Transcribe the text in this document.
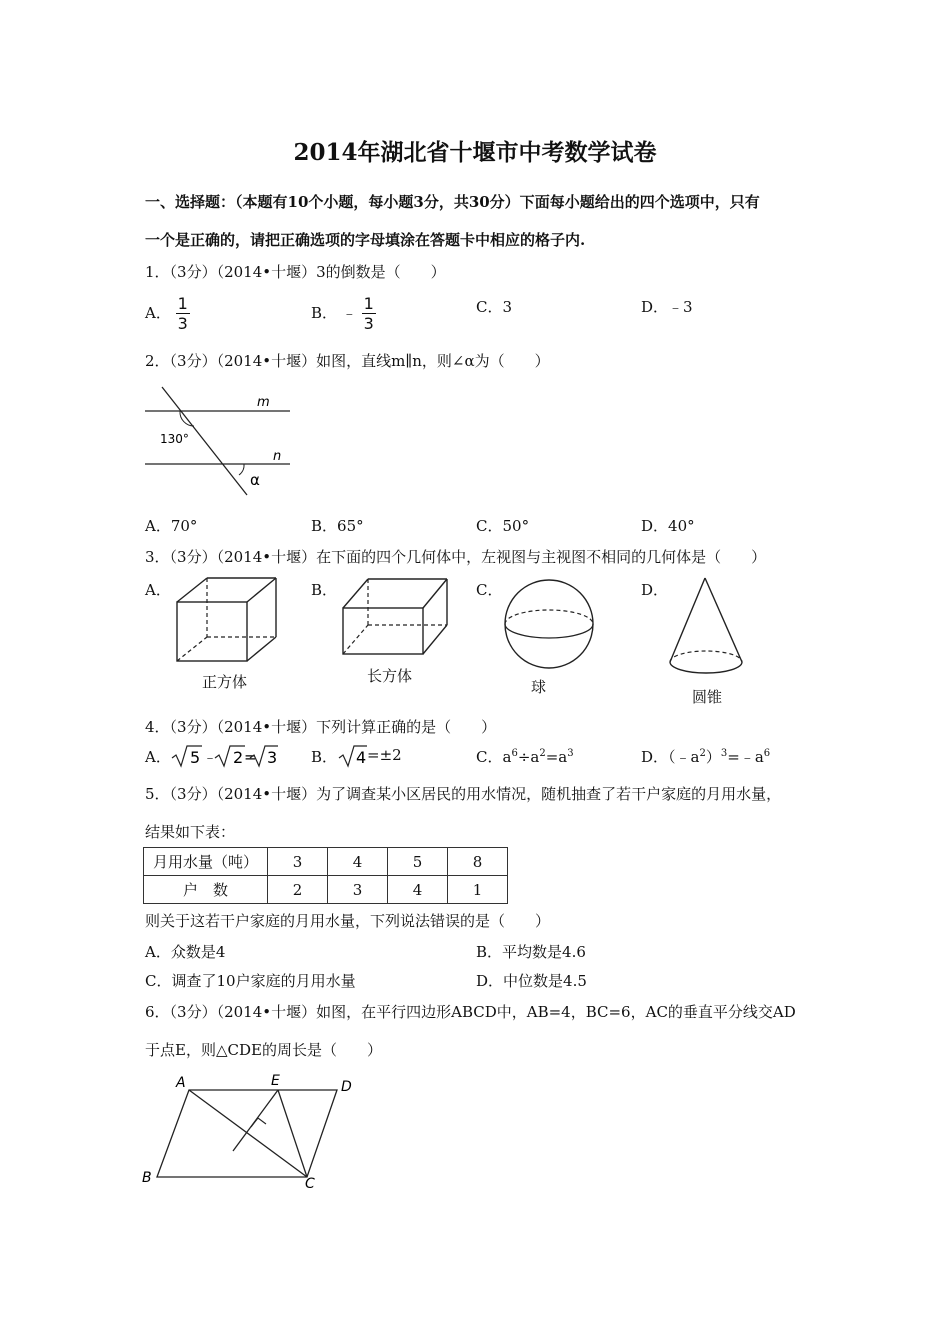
2014年湖北省十堰市中考数学试卷
一、选择题：（本题有10个小题，每小题3分，共30分）下面每小题给出的四个选项中，只有
一个是正确的，请把正确选项的字母填涂在答题卡中相应的格子内.
1．（3分）（2014•十堰）3的倒数是（　　）
A． $\frac{1}{3}$	B． ﹣ $\frac{1}{3}$	C．3	D．﹣3
2．（3分）（2014•十堰）如图，直线m∥n，则∠α为（　　）
m
n
130°
α
A．70°	B．65°	C．50°	D．40°
3．（3分）（2014•十堰）在下面的四个几何体中，左视图与主视图不相同的几何体是（　　）
A．	B．	C．	D．
正方体	长方体
球
圆锥
4．（3分）（2014•十堰）下列计算正确的是（　　）
A． 5 ﹣ 2 = 3 B． 4 =±2	C．$a^6\div a^2=a^3$	D．$(﹣a^2)^3=﹣a^6$
5．（3分）（2014•十堰）为了调查某小区居民的用水情况，随机抽查了若干户家庭的月用水量，
结果如下表：
月用水量（吨）	3	4	5	8
户　数	2	3	4	1
则关于这若干户家庭的月用水量，下列说法错误的是（　　）
A．众数是4	B．平均数是4.6
C．调查了10户家庭的月用水量	D．中位数是4.5
6．（3分）（2014•十堰）如图，在平行四边形ABCD中，AB=4，BC=6，AC的垂直平分线交AD
于点E，则△CDE的周长是（　　）
A	E	D
B	C
